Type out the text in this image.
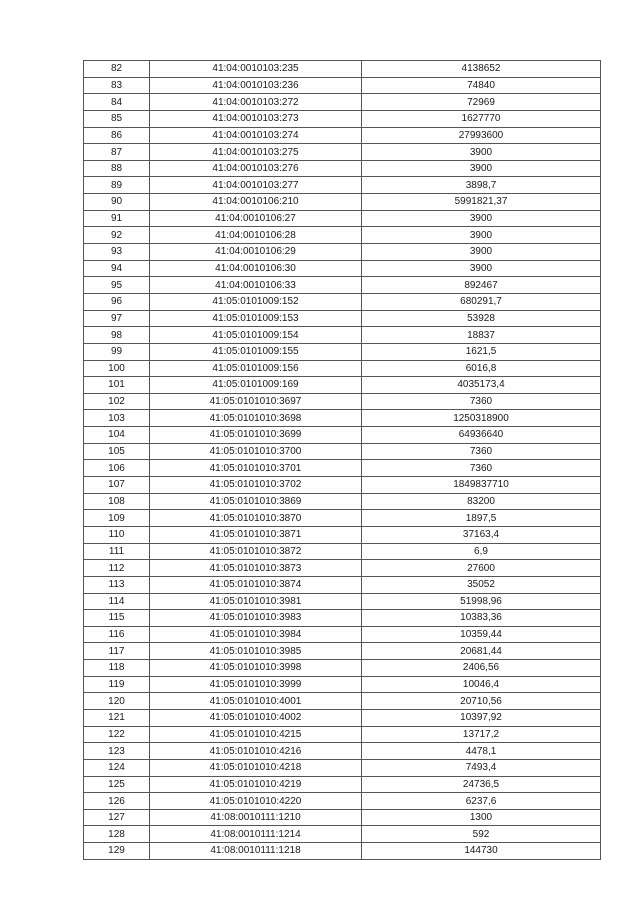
82	41:04:0010103:235	4138652
83	41:04:0010103:236	74840
84	41:04:0010103:272	72969
85	41:04:0010103:273	1627770
86	41:04:0010103:274	27993600
87	41:04:0010103:275	3900
88	41:04:0010103:276	3900
89	41:04:0010103:277	3898,7
90	41:04:0010106:210	5991821,37
91	41:04:0010106:27	3900
92	41:04:0010106:28	3900
93	41:04:0010106:29	3900
94	41:04:0010106:30	3900
95	41:04:0010106:33	892467
96	41:05:0101009:152	680291,7
97	41:05:0101009:153	53928
98	41:05:0101009:154	18837
99	41:05:0101009:155	1621,5
100	41:05:0101009:156	6016,8
101	41:05:0101009:169	4035173,4
102	41:05:0101010:3697	7360
103	41:05:0101010:3698	1250318900
104	41:05:0101010:3699	64936640
105	41:05:0101010:3700	7360
106	41:05:0101010:3701	7360
107	41:05:0101010:3702	1849837710
108	41:05:0101010:3869	83200
109	41:05:0101010:3870	1897,5
110	41:05:0101010:3871	37163,4
111	41:05:0101010:3872	6,9
112	41:05:0101010:3873	27600
113	41:05:0101010:3874	35052
114	41:05:0101010:3981	51998,96
115	41:05:0101010:3983	10383,36
116	41:05:0101010:3984	10359,44
117	41:05:0101010:3985	20681,44
118	41:05:0101010:3998	2406,56
119	41:05:0101010:3999	10046,4
120	41:05:0101010:4001	20710,56
121	41:05:0101010:4002	10397,92
122	41:05:0101010:4215	13717,2
123	41:05:0101010:4216	4478,1
124	41:05:0101010:4218	7493,4
125	41:05:0101010:4219	24736,5
126	41:05:0101010:4220	6237,6
127	41:08:0010111:1210	1300
128	41:08:0010111:1214	592
129	41:08:0010111:1218	144730
